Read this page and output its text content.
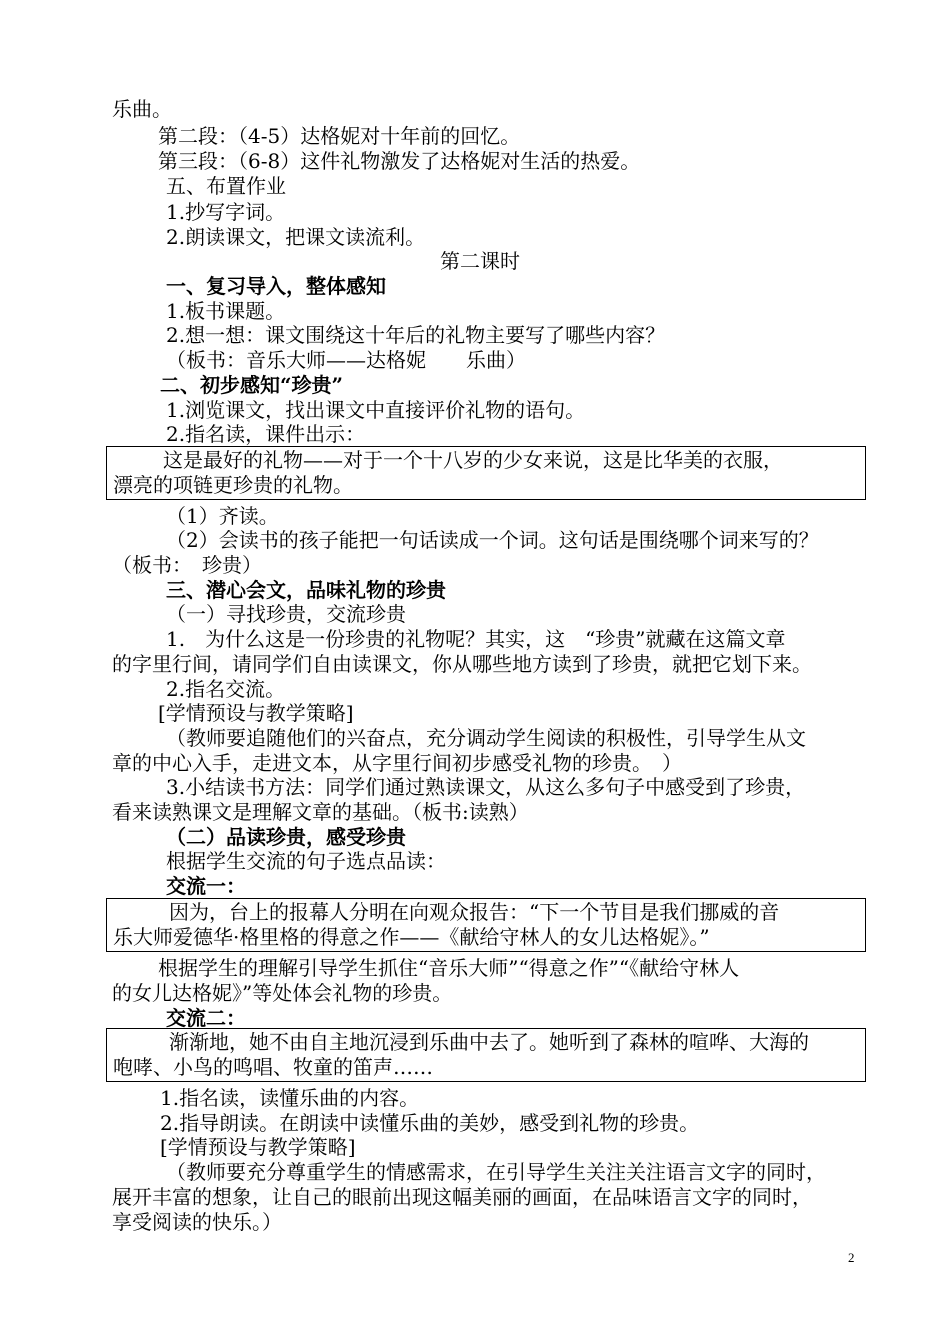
乐曲。
第二段：（4-5）达格妮对十年前的回忆。
第三段：（6-8）这件礼物激发了达格妮对生活的热爱。
五、布置作业
1.抄写字词。
2.朗读课文，把课文读流利。
第二课时
一、复习导入，整体感知
1.板书课题。
2.想一想：课文围绕这十年后的礼物主要写了哪些内容？
（板书：音乐大师——达格妮　　乐曲）
二、初步感知“珍贵”
1.浏览课文，找出课文中直接评价礼物的语句。
2.指名读，课件出示：
这是最好的礼物——对于一个十八岁的少女来说，这是比华美的衣服，
漂亮的项链更珍贵的礼物。
（1）齐读。
（2）会读书的孩子能把一句话读成一个词。这句话是围绕哪个词来写的？
（板书：　珍贵）
三、潜心会文，品味礼物的珍贵
（一）寻找珍贵，交流珍贵
1.　为什么这是一份珍贵的礼物呢？其实，这　“珍贵”就藏在这篇文章
的字里行间，请同学们自由读课文，你从哪些地方读到了珍贵，就把它划下来。
2.指名交流。
[学情预设与教学策略]
（教师要追随他们的兴奋点，充分调动学生阅读的积极性，引导学生从文
章的中心入手，走进文本，从字里行间初步感受礼物的珍贵。　）
3.小结读书方法：同学们通过熟读课文，从这么多句子中感受到了珍贵，
看来读熟课文是理解文章的基础。（板书:读熟）
（二）品读珍贵，感受珍贵
根据学生交流的句子选点品读：
交流一：
因为，台上的报幕人分明在向观众报告：“下一个节目是我们挪威的音
乐大师爱德华·格里格的得意之作——《献给守林人的女儿达格妮》。”
根据学生的理解引导学生抓住“音乐大师”“得意之作”“《献给守林人
的女儿达格妮》”等处体会礼物的珍贵。
交流二：
渐渐地，她不由自主地沉浸到乐曲中去了。她听到了森林的喧哗、大海的
咆哮、小鸟的鸣唱、牧童的笛声……
1.指名读，读懂乐曲的内容。
2.指导朗读。在朗读中读懂乐曲的美妙，感受到礼物的珍贵。
[学情预设与教学策略]
（教师要充分尊重学生的情感需求，在引导学生关注关注语言文字的同时，
展开丰富的想象，让自己的眼前出现这幅美丽的画面，在品味语言文字的同时，
享受阅读的快乐。）
2
